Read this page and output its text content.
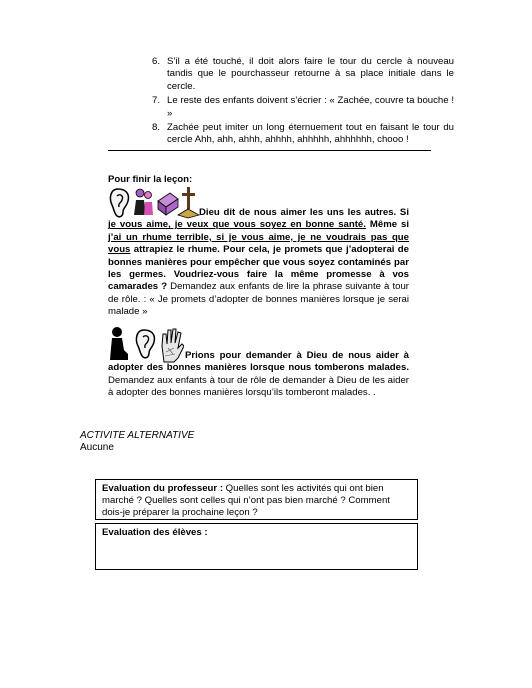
6. S’il a été touché, il doit alors faire le tour du cercle à nouveau tandis que le pourchasseur retourne à sa place initiale dans le cercle.
7. Le reste des enfants doivent s’écrier : « Zachée, couvre ta bouche ! »
8. Zachée peut imiter un long éternuement tout en faisant le tour du cercle Ahh, ahh, ahhh, ahhhh, ahhhhh, ahhhhhh, chooo !
Pour finir la leçon:
Dieu dit de nous aimer les uns les autres. Si je vous aime, je veux que vous soyez en bonne santé. Même si j’ai un rhume terrible, si je vous aime, je ne voudrais pas que vous attrapiez le rhume. Pour cela, je promets que j’adopterai de bonnes manières pour empêcher que vous soyez contaminés par les germes. Voudriez-vous faire la même promesse à vos camarades ? Demandez aux enfants de lire la phrase suivante à tour de rôle. : « Je promets d’adopter de bonnes manières lorsque je serai malade »
Prions pour demander à Dieu de nous aider à adopter des bonnes manières lorsque nous tomberons malades. Demandez aux enfants à tour de rôle de demander à Dieu de les aider à adopter des bonnes manières lorsqu’ils tomberont malades. .
ACTIVITE ALTERNATIVE
Aucune
Evaluation du professeur : Quelles sont les activités qui ont bien marché ? Quelles sont celles qui n’ont pas bien marché ? Comment dois-je préparer la prochaine leçon ?
Evaluation des élèves :
